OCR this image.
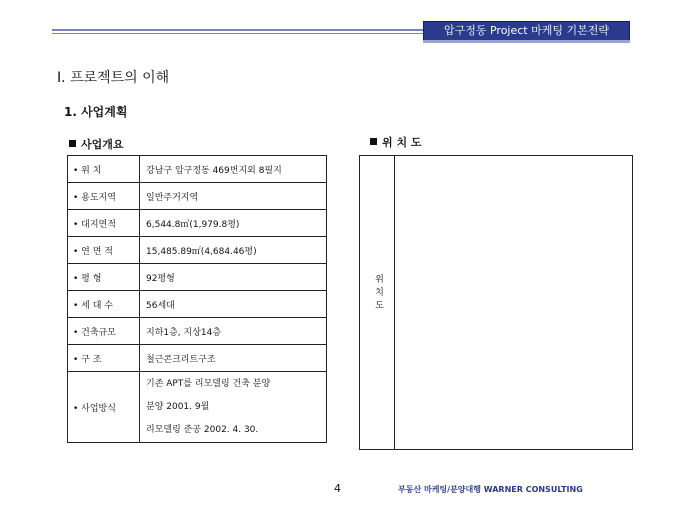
압구정동 Project 마케팅 기본전략
Ⅰ. 프로젝트의 이해
1. 사업계획
사업개요	위 치 도
• 위 치	강남구 압구정동 469번지외 8필지
• 용도지역	일반주거지역
• 대지면적	6,544.8㎡(1,979.8평)
• 연 면 적	15,485.89㎡(4,684.46평)
• 평 형	92평형
• 세 대 수	56세대
• 건축규모	지하1층, 지상14층
• 구 조	철근콘크리트구조
• 사업방식	기존 APT를 리모델링 건축 분양
분양 2001. 9월
리모델링 준공 2002. 4. 30.
위치도
4	부동산 마케팅/분양대행 WARNER CONSULTING
